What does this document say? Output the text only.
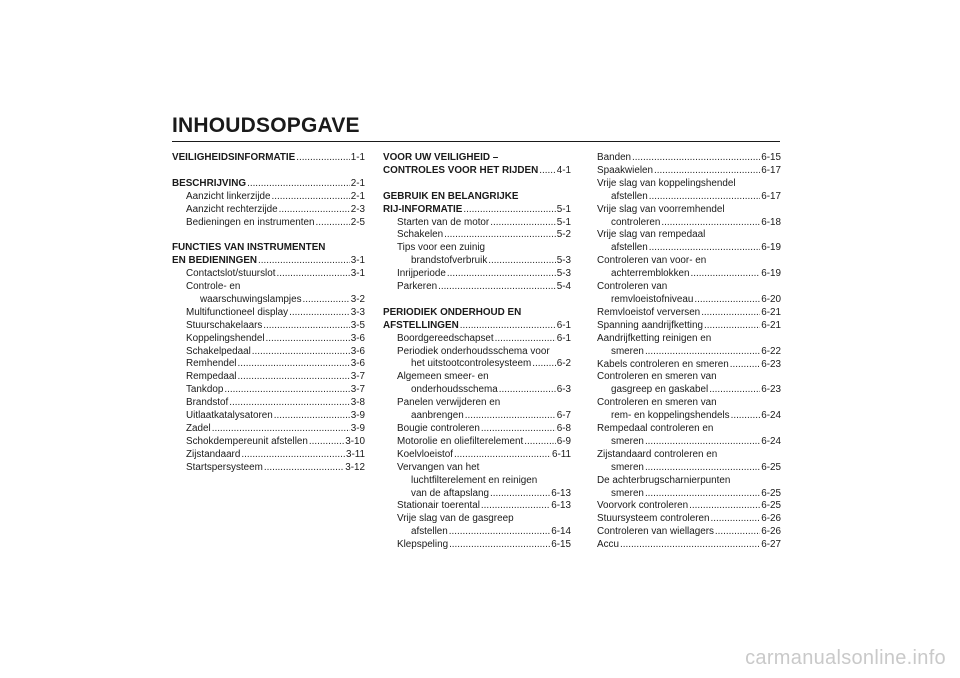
INHOUDSOPGAVE
VEILIGHEIDSINFORMATIE .....	1-1
BESCHRIJVING .....	2-1
Aanzicht linkerzijde .....	2-1
Aanzicht rechterzijde .....	2-3
Bedieningen en instrumenten .....	2-5
FUNCTIES VAN INSTRUMENTEN
EN BEDIENINGEN .....	3-1
Contactslot/stuurslot .....	3-1
Controle- en
waarschuwingslampjes .....	3-2
Multifunctioneel display .....	3-3
Stuurschakelaars .....	3-5
Koppelingshendel .....	3-6
Schakelpedaal .....	3-6
Remhendel .....	3-6
Rempedaal .....	3-7
Tankdop .....	3-7
Brandstof .....	3-8
Uitlaatkatalysatoren .....	3-9
Zadel .....	3-9
Schokdempereunit afstellen .....	3-10
Zijstandaard .....	3-11
Startspersysteem .....	3-12
VOOR UW VEILIGHEID –
CONTROLES VOOR HET RIJDEN ..... 4-1
GEBRUIK EN BELANGRIJKE
RIJ-INFORMATIE .....	5-1
Starten van de motor .....	5-1
Schakelen .....	5-2
Tips voor een zuinig
brandstofverbruik .....	5-3
Inrijperiode .....	5-3
Parkeren .....	5-4
PERIODIEK ONDERHOUD EN
AFSTELLINGEN .....	6-1
Boordgereedschapset .....	6-1
Periodiek onderhoudsschema voor
het uitstootcontrolesysteem .....	6-2
Algemeen smeer- en
onderhoudsschema .....	6-3
Panelen verwijderen en
aanbrengen .....	6-7
Bougie controleren .....	6-8
Motorolie en oliefilterelement .....	6-9
Koelvloeistof .....	6-11
Vervangen van het
luchtfilterelement en reinigen
van de aftapslang .....	6-13
Stationair toerental .....	6-13
Vrije slag van de gasgreep
afstellen .....	6-14
Klepspeling .....	6-15
Banden .....	6-15
Spaakwielen .....	6-17
Vrije slag van koppelingshendel
afstellen .....	6-17
Vrije slag van voorremhendel
controleren .....	6-18
Vrije slag van rempedaal
afstellen .....	6-19
Controleren van voor- en
achterremblokken .....	6-19
Controleren van
remvloeistofniveau .....	6-20
Remvloeistof verversen .....	6-21
Spanning aandrijfketting .....	6-21
Aandrijfketting reinigen en
smeren .....	6-22
Kabels controleren en smeren .....	6-23
Controleren en smeren van
gasgreep en gaskabel .....	6-23
Controleren en smeren van
rem- en koppelingshendels .....	6-24
Rempedaal controleren en
smeren .....	6-24
Zijstandaard controleren en
smeren .....	6-25
De achterbrugscharnierpunten
smeren .....	6-25
Voorvork controleren .....	6-25
Stuursysteem controleren .....	6-26
Controleren van wiellagers .....	6-26
Accu .....	6-27
carmanualsonline.info
